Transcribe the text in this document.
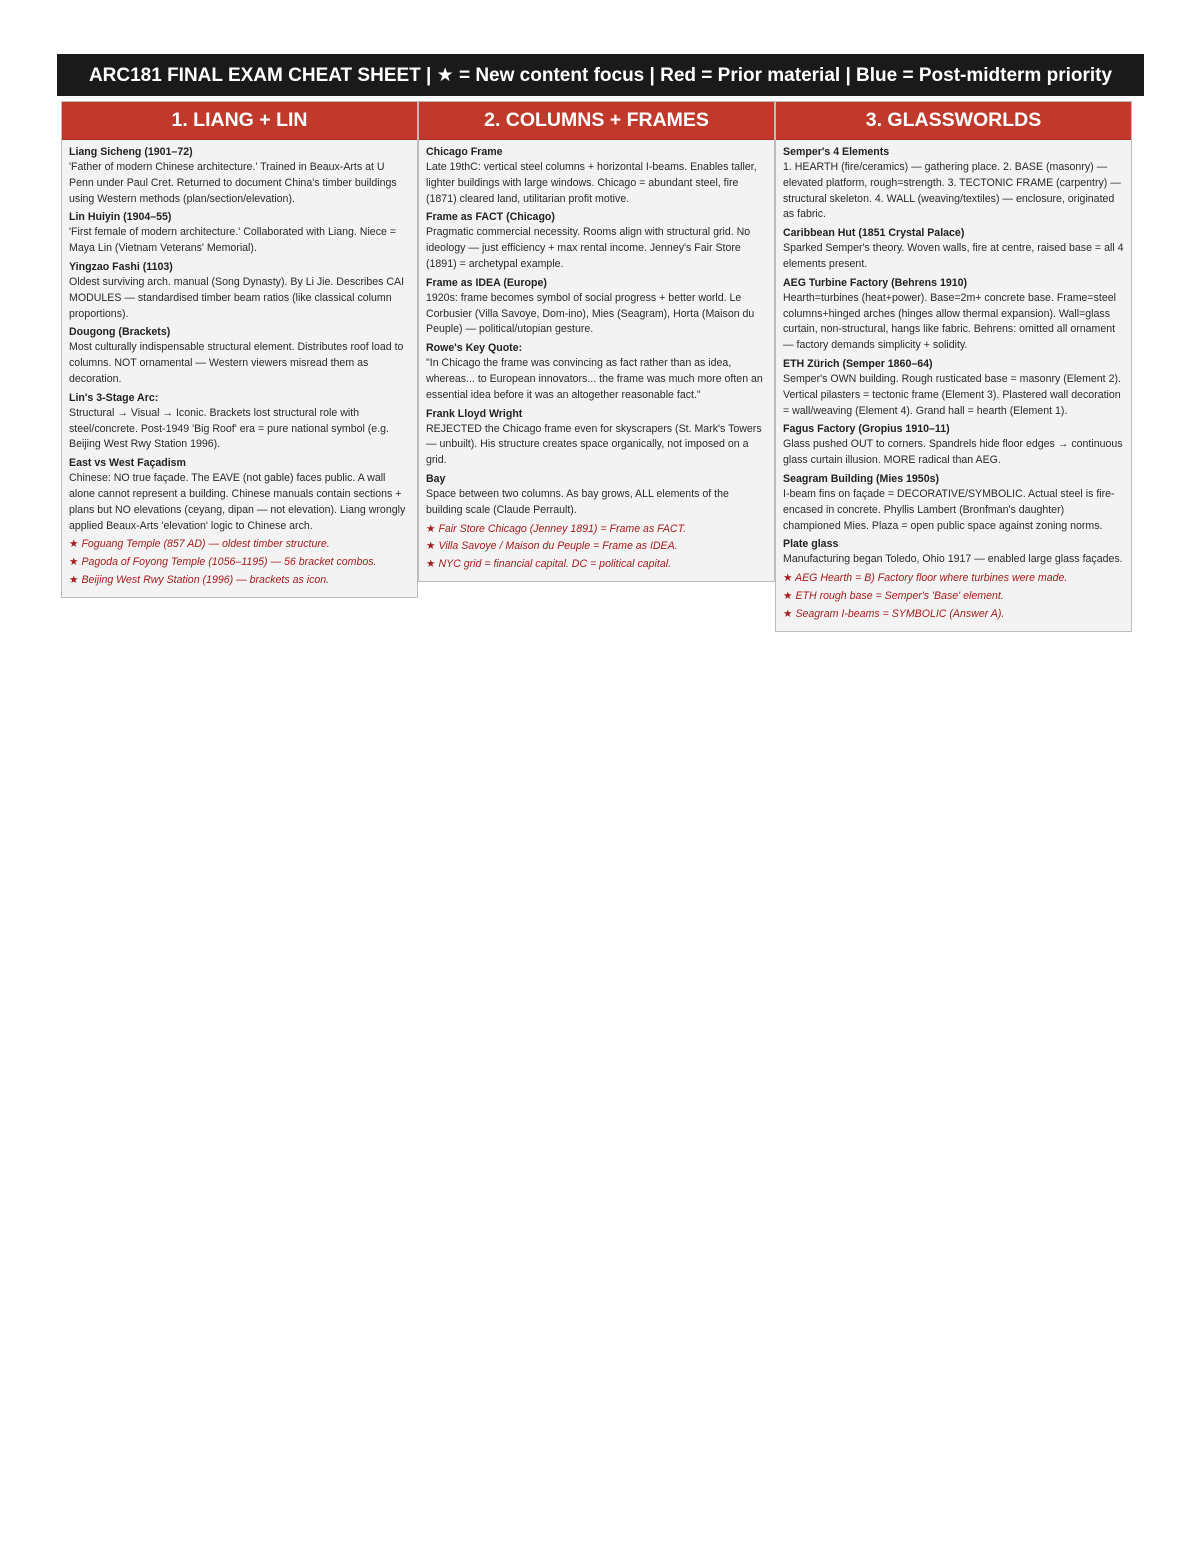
ARC181 FINAL EXAM CHEAT SHEET | ★ = New content focus | Red = Prior material | Blue = Post-midterm priority
1. LIANG + LIN
Liang Sicheng (1901–72)
'Father of modern Chinese architecture.' Trained in Beaux-Arts at U Penn under Paul Cret. Returned to document China's timber buildings using Western methods (plan/section/elevation).
Lin Huiyin (1904–55)
'First female of modern architecture.' Collaborated with Liang. Niece = Maya Lin (Vietnam Veterans' Memorial).
Yingzao Fashi (1103)
Oldest surviving arch. manual (Song Dynasty). By Li Jie. Describes CAI MODULES — standardised timber beam ratios (like classical column proportions).
Dougong (Brackets)
Most culturally indispensable structural element. Distributes roof load to columns. NOT ornamental — Western viewers misread them as decoration.
Lin's 3-Stage Arc:
Structural → Visual → Iconic. Brackets lost structural role with steel/concrete. Post-1949 'Big Roof' era = pure national symbol (e.g. Beijing West Rwy Station 1996).
East vs West Façadism
Chinese: NO true façade. The EAVE (not gable) faces public. A wall alone cannot represent a building. Chinese manuals contain sections + plans but NO elevations (ceyang, dipan — not elevation). Liang wrongly applied Beaux-Arts 'elevation' logic to Chinese arch.
★ Foguang Temple (857 AD) — oldest timber structure.
★ Pagoda of Foyong Temple (1056–1195) — 56 bracket combos.
★ Beijing West Rwy Station (1996) — brackets as icon.
2. COLUMNS + FRAMES
Chicago Frame
Late 19thC: vertical steel columns + horizontal I-beams. Enables taller, lighter buildings with large windows. Chicago = abundant steel, fire (1871) cleared land, utilitarian profit motive.
Frame as FACT (Chicago)
Pragmatic commercial necessity. Rooms align with structural grid. No ideology — just efficiency + max rental income. Jenney's Fair Store (1891) = archetypal example.
Frame as IDEA (Europe)
1920s: frame becomes symbol of social progress + better world. Le Corbusier (Villa Savoye, Dom-ino), Mies (Seagram), Horta (Maison du Peuple) — political/utopian gesture.
Rowe's Key Quote:
"In Chicago the frame was convincing as fact rather than as idea, whereas... to European innovators... the frame was much more often an essential idea before it was an altogether reasonable fact."
Frank Lloyd Wright
REJECTED the Chicago frame even for skyscrapers (St. Mark's Towers — unbuilt). His structure creates space organically, not imposed on a grid.
Bay
Space between two columns. As bay grows, ALL elements of the building scale (Claude Perrault).
★ Fair Store Chicago (Jenney 1891) = Frame as FACT.
★ Villa Savoye / Maison du Peuple = Frame as IDEA.
★ NYC grid = financial capital. DC = political capital.
3. GLASSWORLDS
Semper's 4 Elements
1. HEARTH (fire/ceramics) — gathering place. 2. BASE (masonry) — elevated platform, rough=strength. 3. TECTONIC FRAME (carpentry) — structural skeleton. 4. WALL (weaving/textiles) — enclosure, originated as fabric.
Caribbean Hut (1851 Crystal Palace)
Sparked Semper's theory. Woven walls, fire at centre, raised base = all 4 elements present.
AEG Turbine Factory (Behrens 1910)
Hearth=turbines (heat+power). Base=2m+ concrete base. Frame=steel columns+hinged arches (hinges allow thermal expansion). Wall=glass curtain, non-structural, hangs like fabric. Behrens: omitted all ornament — factory demands simplicity + solidity.
ETH Zürich (Semper 1860–64)
Semper's OWN building. Rough rusticated base = masonry (Element 2). Vertical pilasters = tectonic frame (Element 3). Plastered wall decoration = wall/weaving (Element 4). Grand hall = hearth (Element 1).
Fagus Factory (Gropius 1910–11)
Glass pushed OUT to corners. Spandrels hide floor edges → continuous glass curtain illusion. MORE radical than AEG.
Seagram Building (Mies 1950s)
I-beam fins on façade = DECORATIVE/SYMBOLIC. Actual steel is fire-encased in concrete. Phyllis Lambert (Bronfman's daughter) championed Mies. Plaza = open public space against zoning norms.
Plate glass
Manufacturing began Toledo, Ohio 1917 — enabled large glass façades.
★ AEG Hearth = B) Factory floor where turbines were made.
★ ETH rough base = Semper's 'Base' element.
★ Seagram I-beams = SYMBOLIC (Answer A).
